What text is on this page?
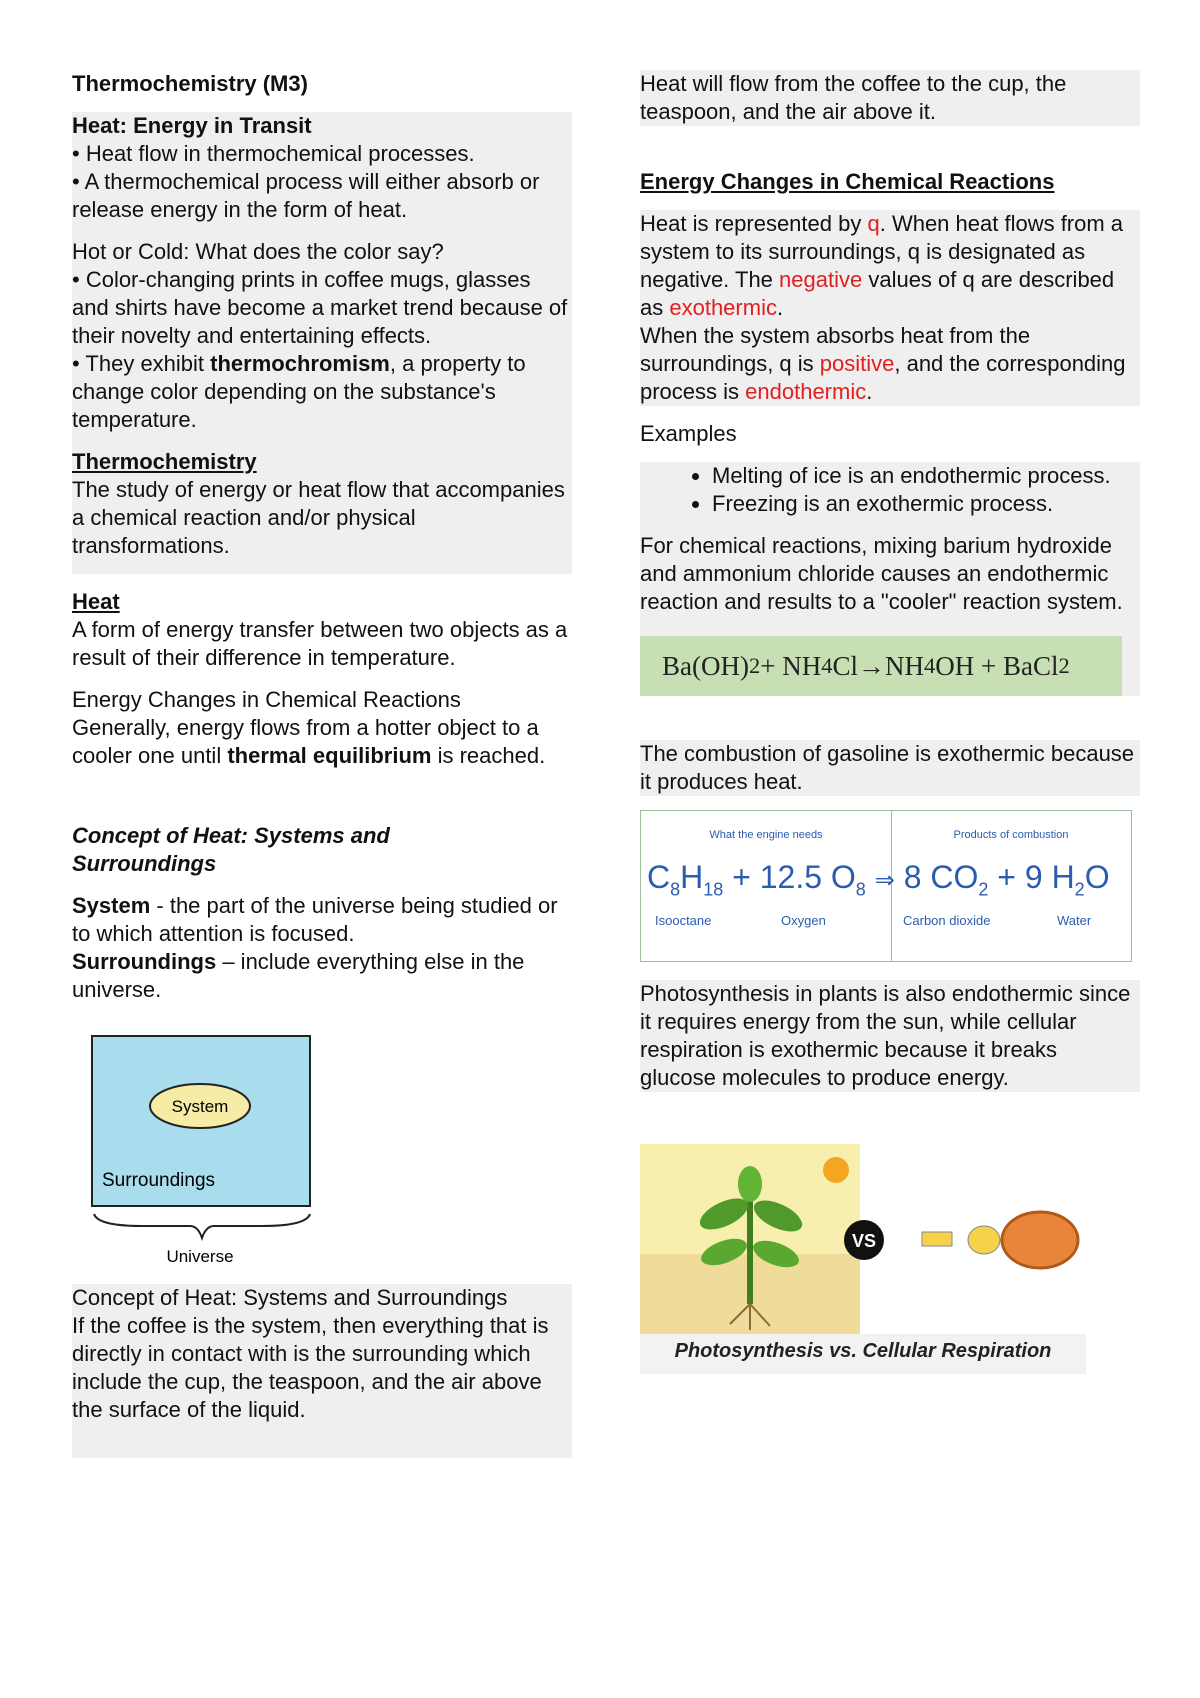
Thermochemistry (M3)

Heat: Energy in Transit

• Heat flow in thermochemical processes.

• A thermochemical process will either absorb or release energy in the form of heat.

Hot or Cold: What does the color say?

• Color-changing prints in coffee mugs, glasses and shirts have become a market trend because of their novelty and entertaining effects.

• They exhibit thermochromism, a property to change color depending on the substance's temperature.

Thermochemistry

The study of energy or heat flow that accompanies a chemical reaction and/or physical transformations.

Heat

A form of energy transfer between two objects as a result of their difference in temperature.

Energy Changes in Chemical Reactions

Generally, energy flows from a hotter object to a cooler one until thermal equilibrium is reached.

Concept of Heat: Systems and Surroundings

System - the part of the universe being studied or to which attention is focused.

Surroundings – include everything else in the universe.

System
Surroundings
Universe

Concept of Heat: Systems and Surroundings

If the coffee is the system, then everything that is directly in contact with is the surrounding which include the cup, the teaspoon, and the air above the surface of the liquid.

Heat will flow from the coffee to the cup, the teaspoon, and the air above it.

Energy Changes in Chemical Reactions

Heat is represented by q. When heat flows from a system to its surroundings, q is designated as negative. The negative values of q are described as exothermic.

When the system absorbs heat from the surroundings, q is positive, and the corresponding process is endothermic.

Examples

• Melting of ice is an endothermic process.
• Freezing is an exothermic process.

For chemical reactions, mixing barium hydroxide and ammonium chloride causes an endothermic reaction and results to a "cooler" reaction system.

Ba(OH) 2 + NH 4 Cl → NH 4 OH + BaCl 2

The combustion of gasoline is exothermic because it produces heat.

What the engine needs	Products of combustion
$C_8H_{18} + 12.5$ $O_8$ ⇒ 8 $CO_2 + 9$ $H_2O$
Isooctane	Oxygen	Carbon dioxide	Water

Photosynthesis in plants is also endothermic since it requires energy from the sun, while cellular respiration is exothermic because it breaks glucose molecules to produce energy.

VS
Photosynthesis vs. Cellular Respiration
